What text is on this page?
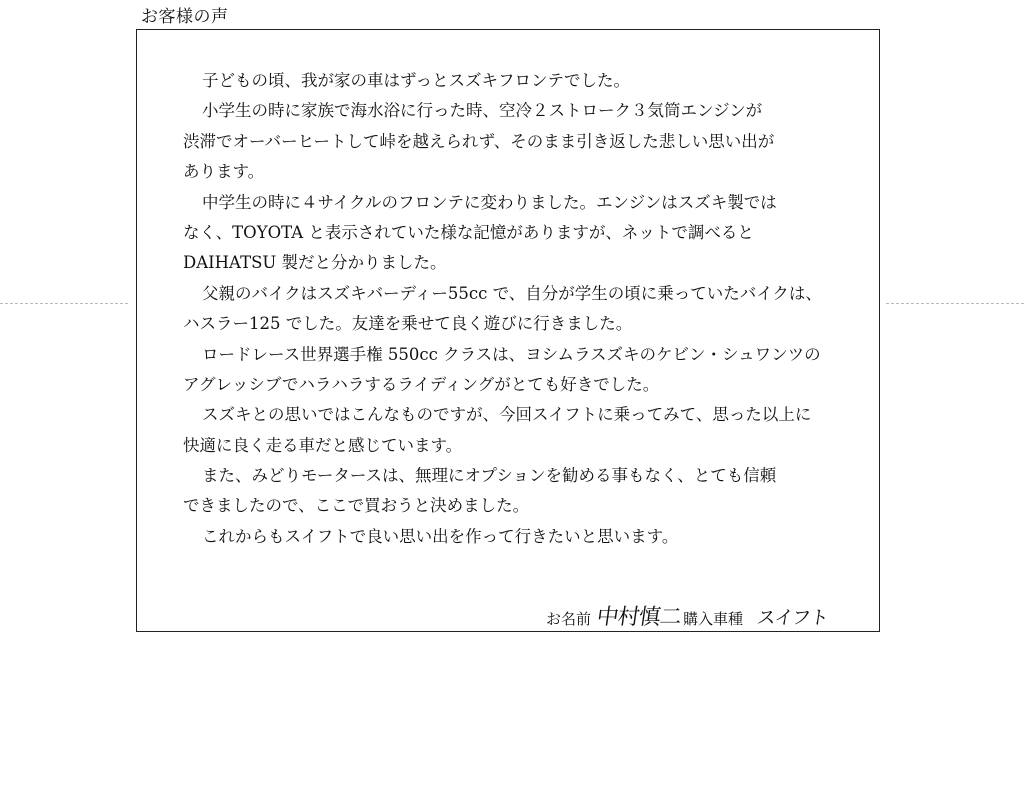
お客様の声
子どもの頃、我が家の車はずっとスズキフロンテでした。
小学生の時に家族で海水浴に行った時、空冷２ストローク３気筒エンジンが
渋滞でオーバーヒートして峠を越えられず、そのまま引き返した悲しい思い出が
あります。
中学生の時に４サイクルのフロンテに変わりました。エンジンはスズキ製では
なく、TOYOTA と表示されていた様な記憶がありますが、ネットで調べると
DAIHATSU 製だと分かりました。
父親のバイクはスズキバーディー55cc で、自分が学生の頃に乗っていたバイクは、
ハスラー125 でした。友達を乗せて良く遊びに行きました。
ロードレース世界選手権 550cc クラスは、ヨシムラスズキのケビン・シュワンツの
アグレッシブでハラハラするライディングがとても好きでした。
スズキとの思いではこんなものですが、今回スイフトに乗ってみて、思った以上に
快適に良く走る車だと感じています。
また、みどりモータースは、無理にオプションを勧める事もなく、とても信頼
できましたので、ここで買おうと決めました。
これからもスイフトで良い思い出を作って行きたいと思います。
お名前 中村慎二 購入車種 スイフト
